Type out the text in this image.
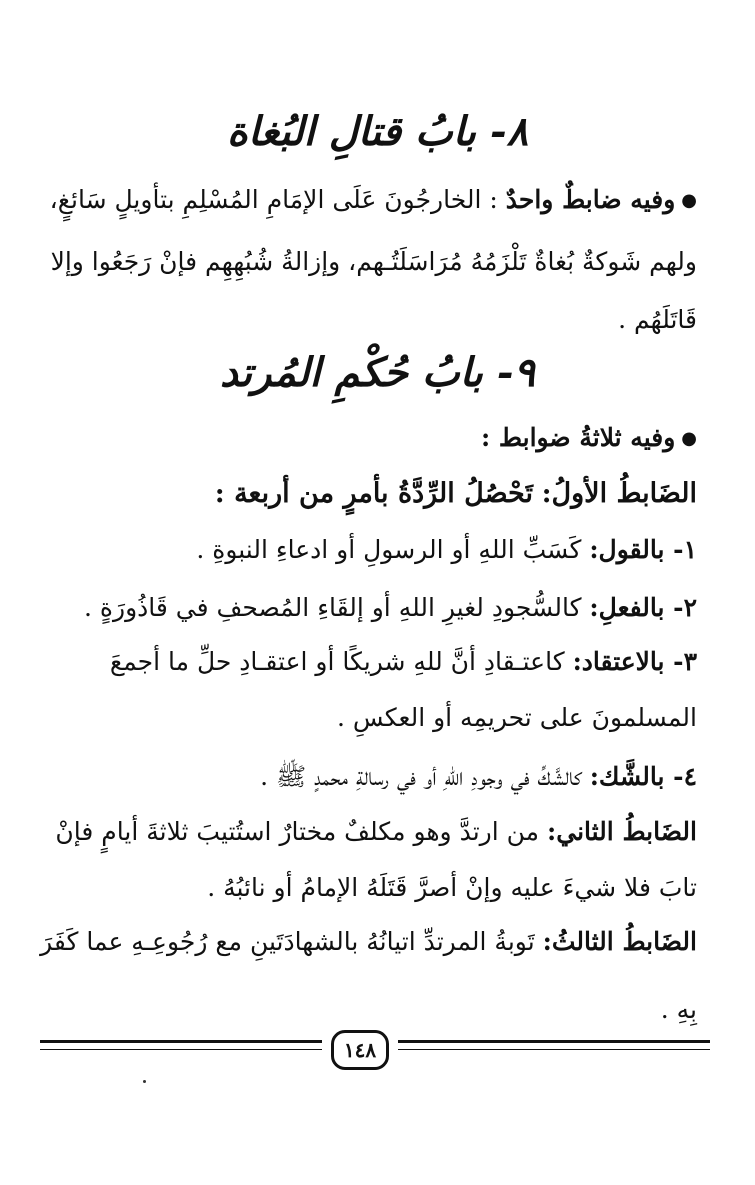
٨- بابُ قتالِ البُغاة
●وفيه ضابطٌ واحدٌ : الخارجُونَ عَلَى الإمَامِ المُسْلِمِ بتأويلٍ سَائغٍ،
ولهم شَوكةٌ بُغاةٌ تَلْزَمُهُ مُرَاسَلَتُـهم، وإزالةُ شُبُهِهِم فإنْ رَجَعُوا وإلا
قَاتَلَهُم .
٩- بابُ حُكْمِ المُرتد
●وفيه ثلاثةُ ضوابط :
الضَابطُ الأولُ: تَحْصُلُ الرِّدَّةُ بأمرٍ من أربعة :
١- بالقول: كَسَبِّ اللهِ أو الرسولِ أو ادعاءِ النبوةِ .
٢- بالفعلِ: كالسُّجودِ لغيرِ اللهِ أو إلقَاءِ المُصحفِ في قَاذُورَةٍ .
٣- بالاعتقاد: كاعتـقادِ أنَّ للهِ شريكًا أو اعتقـادِ حلِّ ما أجمعَ
المسلمونَ على تحريمِه أو العكسِ .
٤- بالشَّك: كالشَّكِّ في وجودِ اللهِ أو في رسالةِ محمدٍ ﷺ .
الضَابطُ الثاني: من ارتدَّ وهو مكلفٌ مختارٌ استُتيبَ ثلاثةَ أيامٍ فإنْ
تابَ فلا شيءَ عليه وإنْ أصرَّ قَتَلَهُ الإمامُ أو نائبُهُ .
الضَابطُ الثالثُ: تَوبةُ المرتدِّ اتيانُهُ بالشهادَتَينِ مع رُجُوعِـهِ عما كَفَرَ
بِهِ .
١٤٨
